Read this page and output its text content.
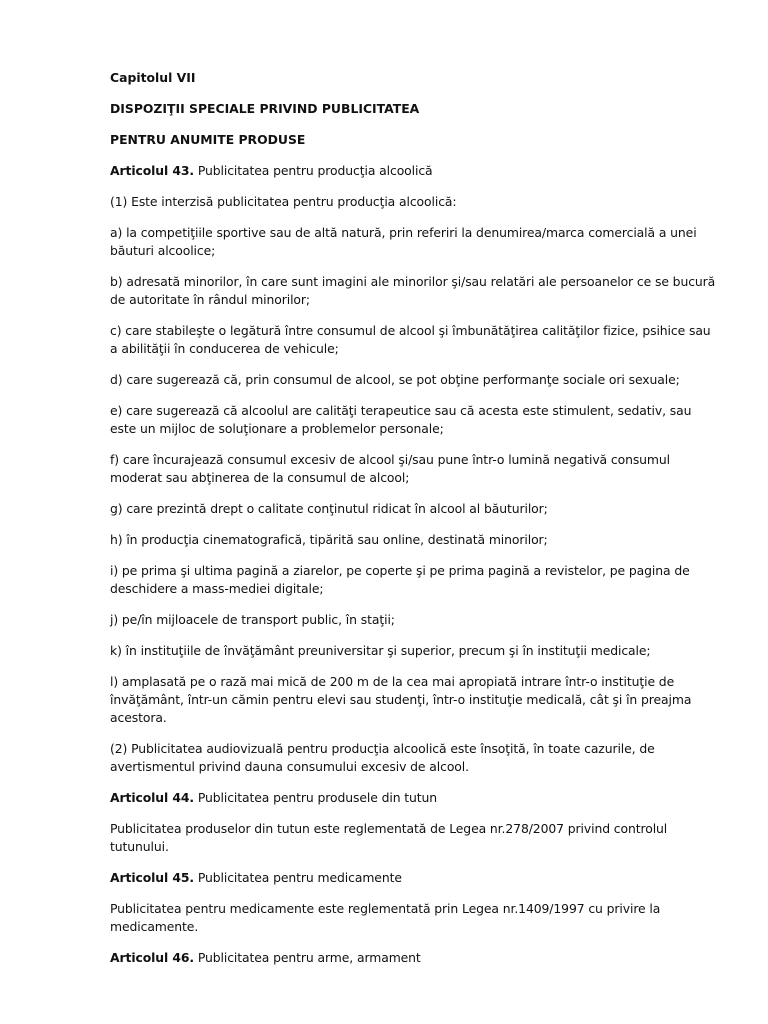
Capitolul VII

DISPOZIŢII SPECIALE PRIVIND PUBLICITATEA

PENTRU ANUMITE PRODUSE

Articolul 43. Publicitatea pentru producţia alcoolică

(1) Este interzisă publicitatea pentru producţia alcoolică:

a) la competiţiile sportive sau de altă natură, prin referiri la denumirea/marca comercială a unei băuturi alcoolice;

b) adresată minorilor, în care sunt imagini ale minorilor şi/sau relatări ale persoanelor ce se bucură de autoritate în rândul minorilor;

c) care stabileşte o legătură între consumul de alcool şi îmbunătăţirea calităţilor fizice, psihice sau a abilităţii în conducerea de vehicule;

d) care sugerează că, prin consumul de alcool, se pot obţine performanţe sociale ori sexuale;

e) care sugerează că alcoolul are calităţi terapeutice sau că acesta este stimulent, sedativ, sau este un mijloc de soluţionare a problemelor personale;

f) care încurajează consumul excesiv de alcool şi/sau pune într-o lumină negativă consumul moderat sau abţinerea de la consumul de alcool;

g) care prezintă drept o calitate conţinutul ridicat în alcool al băuturilor;

h) în producţia cinematografică, tipărită sau online, destinată minorilor;

i) pe prima şi ultima pagină a ziarelor, pe coperte şi pe prima pagină a revistelor, pe pagina de deschidere a mass-mediei digitale;

j) pe/în mijloacele de transport public, în staţii;

k) în instituţiile de învăţământ preuniversitar şi superior, precum şi în instituţii medicale;

l) amplasată pe o rază mai mică de 200 m de la cea mai apropiată intrare într-o instituţie de învăţământ, într-un cămin pentru elevi sau studenţi, într-o instituţie medicală, cât şi în preajma acestora.

(2) Publicitatea audiovizuală pentru producţia alcoolică este însoţită, în toate cazurile, de avertismentul privind dauna consumului excesiv de alcool.

Articolul 44. Publicitatea pentru produsele din tutun

Publicitatea produselor din tutun este reglementată de Legea nr.278/2007 privind controlul tutunului.

Articolul 45. Publicitatea pentru medicamente

Publicitatea pentru medicamente este reglementată prin Legea nr.1409/1997 cu privire la medicamente.

Articolul 46. Publicitatea pentru arme, armament
